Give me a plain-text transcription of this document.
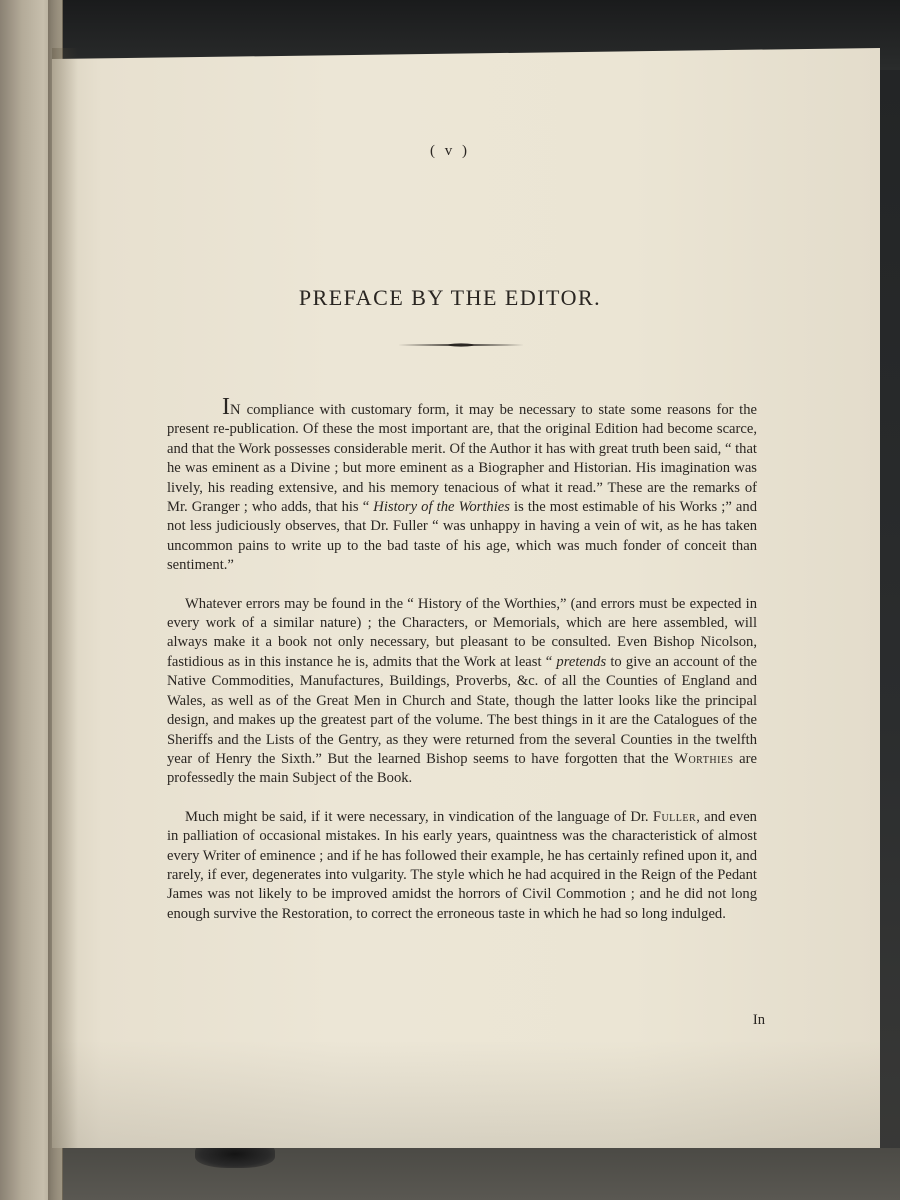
( v )
PREFACE BY THE EDITOR.

IN compliance with customary form, it may be necessary to state some reasons for the present re-publication. Of these the most important are, that the original Edition had become scarce, and that the Work possesses considerable merit. Of the Author it has with great truth been said, “ that he was eminent as a Divine ; but more eminent as a Biographer and Historian. His imagination was lively, his reading extensive, and his memory tenacious of what it read.” These are the remarks of Mr. Granger ; who adds, that his “ History of the Worthies is the most estimable of his Works ;” and not less judiciously observes, that Dr. Fuller “ was unhappy in having a vein of wit, as he has taken uncommon pains to write up to the bad taste of his age, which was much fonder of conceit than sentiment.”

Whatever errors may be found in the “ History of the Worthies,” (and errors must be expected in every work of a similar nature) ; the Characters, or Memorials, which are here assembled, will always make it a book not only necessary, but pleasant to be consulted. Even Bishop Nicolson, fastidious as in this instance he is, admits that the Work at least “ pretends to give an account of the Native Commodities, Manufactures, Buildings, Proverbs, &c. of all the Counties of England and Wales, as well as of the Great Men in Church and State, though the latter looks like the principal design, and makes up the greatest part of the volume. The best things in it are the Catalogues of the Sheriffs and the Lists of the Gentry, as they were returned from the several Counties in the twelfth year of Henry the Sixth.” But the learned Bishop seems to have forgotten that the Worthies are professedly the main Subject of the Book.

Much might be said, if it were necessary, in vindication of the language of Dr. Fuller, and even in palliation of occasional mistakes. In his early years, quaintness was the characteristick of almost every Writer of eminence ; and if he has followed their example, he has certainly refined upon it, and rarely, if ever, degenerates into vulgarity. The style which he had acquired in the Reign of the Pedant James was not likely to be improved amidst the horrors of Civil Commotion ; and he did not long enough survive the Restoration, to correct the erroneous taste in which he had so long indulged.

In
